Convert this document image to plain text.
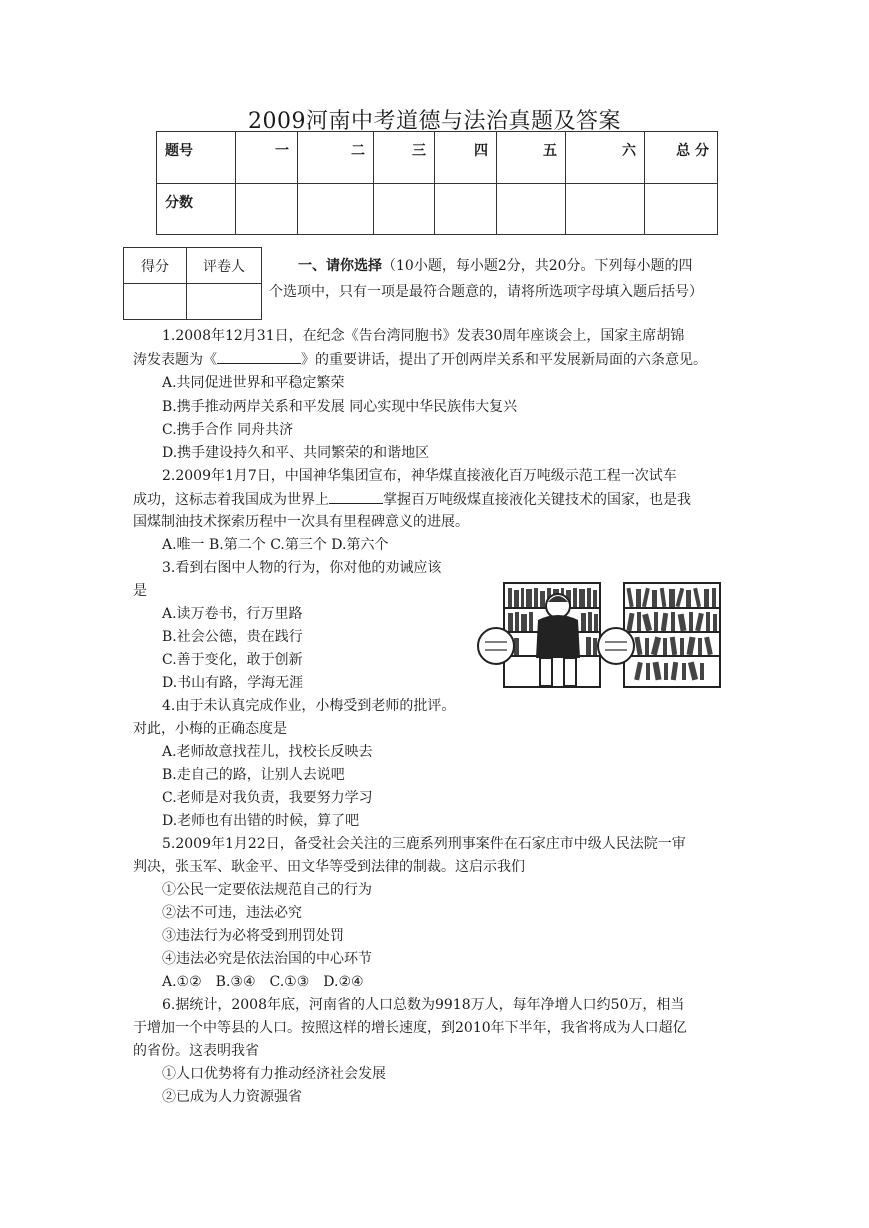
2009河南中考道德与法治真题及答案
题号	一	二	三	四	五	六	总 分
分数							
得分	评卷人
		一、请你选择（10小题，每小题2分，共20分。下列每小题的四
个选项中，只有一项是最符合题意的，请将所选项字母填入题后括号）
1.2008年12月31日，在纪念《告台湾同胞书》发表30周年座谈会上，国家主席胡锦
涛发表题为《	》的重要讲话，提出了开创两岸关系和平发展新局面的六条意见。
A.共同促进世界和平稳定繁荣
B.携手推动两岸关系和平发展 同心实现中华民族伟大复兴
C.携手合作 同舟共济
D.携手建设持久和平、共同繁荣的和谐地区
2.2009年1月7日，中国神华集团宣布，神华煤直接液化百万吨级示范工程一次试车
成功，这标志着我国成为世界上	掌握百万吨级煤直接液化关键技术的国家，也是我
国煤制油技术探索历程中一次具有里程碑意义的进展。
A.唯一 B.第二个 C.第三个 D.第六个
3.看到右图中人物的行为，你对他的劝诫应该
是
A.读万卷书，行万里路
B.社会公德，贵在践行
C.善于变化，敢于创新
D.书山有路，学海无涯
4.由于未认真完成作业，小梅受到老师的批评。
对此，小梅的正确态度是
A.老师故意找茬儿，找校长反映去
B.走自己的路，让别人去说吧
C.老师是对我负责，我要努力学习
D.老师也有出错的时候，算了吧
5.2009年1月22日，备受社会关注的三鹿系列刑事案件在石家庄市中级人民法院一审
判决，张玉军、耿金平、田文华等受到法律的制裁。这启示我们
①公民一定要依法规范自己的行为
②法不可违，违法必究
③违法行为必将受到刑罚处罚
④违法必究是依法治国的中心环节
A.①②　B.③④　C.①③　D.②④
6.据统计，2008年底，河南省的人口总数为9918万人，每年净增人口约50万，相当
于增加一个中等县的人口。按照这样的增长速度，到2010年下半年，我省将成为人口超亿
的省份。这表明我省
①人口优势将有力推动经济社会发展
②已成为人力资源强省
